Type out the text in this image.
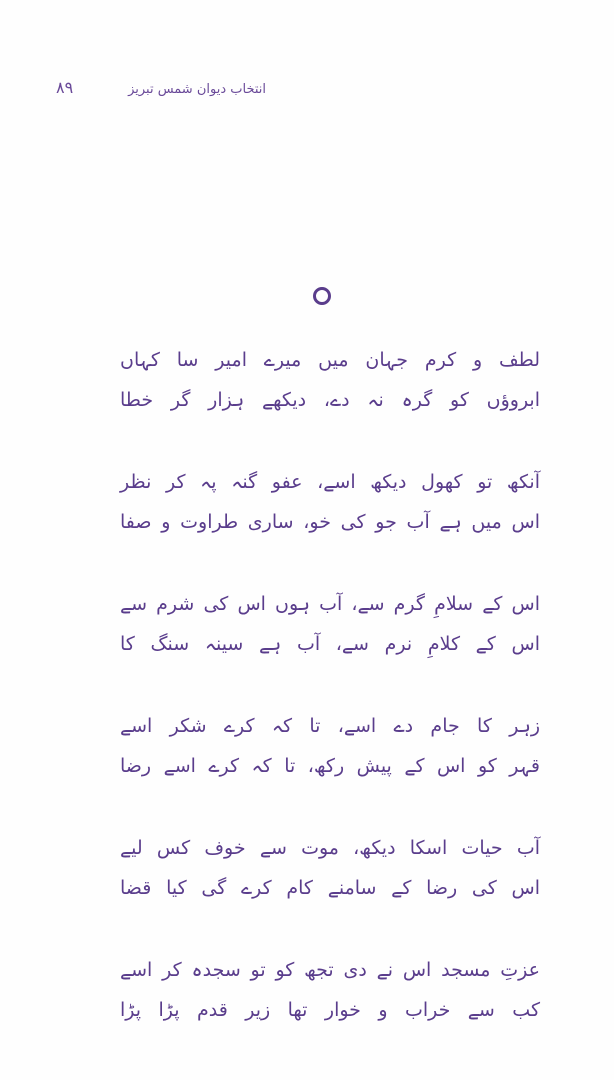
۸۹	انتخاب دیوان شمس تبریز
لطف و کرم جہان میں میرے امیر سا کہاں
ابروؤں کو گرہ نہ دے، دیکھے ہزار گر خطا
آنکھ تو کھول دیکھ اسے، عفو گنہ پہ کر نظر
اس میں ہے آب جو کی خو، ساری طراوت و صفا
اس کے سلامِ گرم سے، آب ہوں اس کی شرم سے
اس کے کلامِ نرم سے، آب ہے سینہ سنگ کا
زہر کا جام دے اسے، تا کہ کرے شکر اسے
قہر کو اس کے پیش رکھ، تا کہ کرے اسے رضا
آب حیات اسکا دیکھ، موت سے خوف کس لیے
اس کی رضا کے سامنے کام کرے گی کیا قضا
عزتِ مسجد اس نے دی تجھ کو تو سجدہ کر اسے
کب سے خراب و خوار تھا زیر قدم پڑا پڑا
